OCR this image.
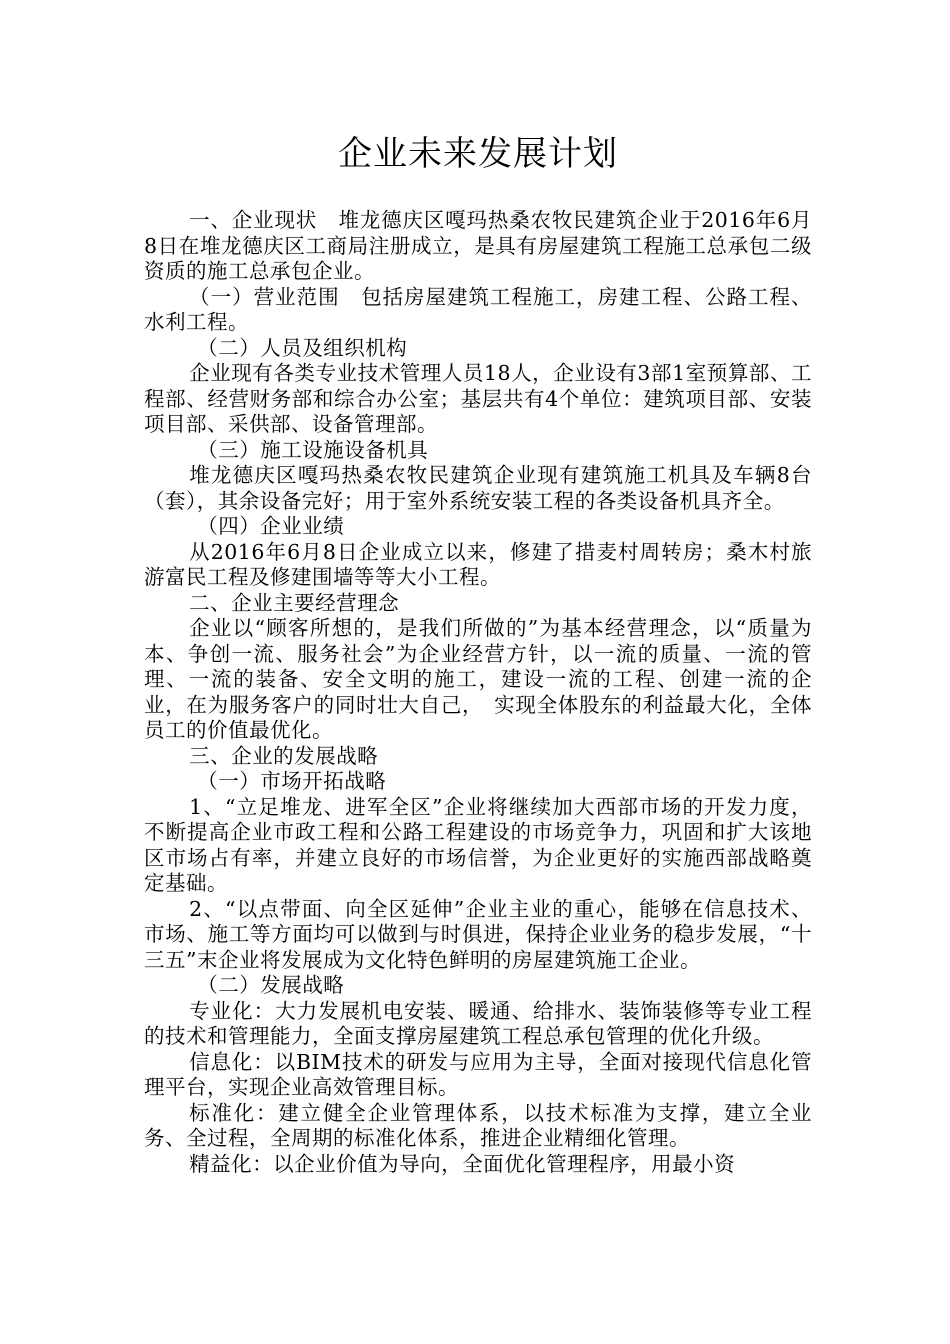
企业未来发展计划

一、企业现状　堆龙德庆区嘎玛热桑农牧民建筑企业于2016年6月8日在堆龙德庆区工商局注册成立，是具有房屋建筑工程施工总承包二级资质的施工总承包企业。

（一）营业范围　包括房屋建筑工程施工，房建工程、公路工程、水利工程。

（二）人员及组织机构

企业现有各类专业技术管理人员18人，企业设有3部1室预算部、工程部、经营财务部和综合办公室；基层共有4个单位：建筑项目部、安装项目部、采供部、设备管理部。

（三）施工设施设备机具

堆龙德庆区嘎玛热桑农牧民建筑企业现有建筑施工机具及车辆8台（套），其余设备完好；用于室外系统安装工程的各类设备机具齐全。

（四）企业业绩

从2016年6月8日企业成立以来，修建了措麦村周转房；桑木村旅游富民工程及修建围墙等等大小工程。

二、企业主要经营理念

企业以“顾客所想的，是我们所做的”为基本经营理念，以“质量为本、争创一流、服务社会”为企业经营方针，以一流的质量、一流的管理、一流的装备、安全文明的施工，建设一流的工程、创建一流的企业，在为服务客户的同时壮大自己，　实现全体股东的利益最大化，全体员工的价值最优化。

三、企业的发展战略

（一）市场开拓战略

1、“立足堆龙、进军全区”企业将继续加大西部市场的开发力度，不断提高企业市政工程和公路工程建设的市场竞争力，巩固和扩大该地区市场占有率，并建立良好的市场信誉，为企业更好的实施西部战略奠定基础。

2、“以点带面、向全区延伸”企业主业的重心，能够在信息技术、市场、施工等方面均可以做到与时俱进，保持企业业务的稳步发展，“十三五”末企业将发展成为文化特色鲜明的房屋建筑施工企业。

（二）发展战略

专业化：大力发展机电安装、暖通、给排水、装饰装修等专业工程的技术和管理能力，全面支撑房屋建筑工程总承包管理的优化升级。

信息化：以BIM技术的研发与应用为主导，全面对接现代信息化管理平台，实现企业高效管理目标。

标准化：建立健全企业管理体系，以技术标准为支撑，建立全业务、全过程，全周期的标准化体系，推进企业精细化管理。

精益化：以企业价值为导向，全面优化管理程序，用最小资
